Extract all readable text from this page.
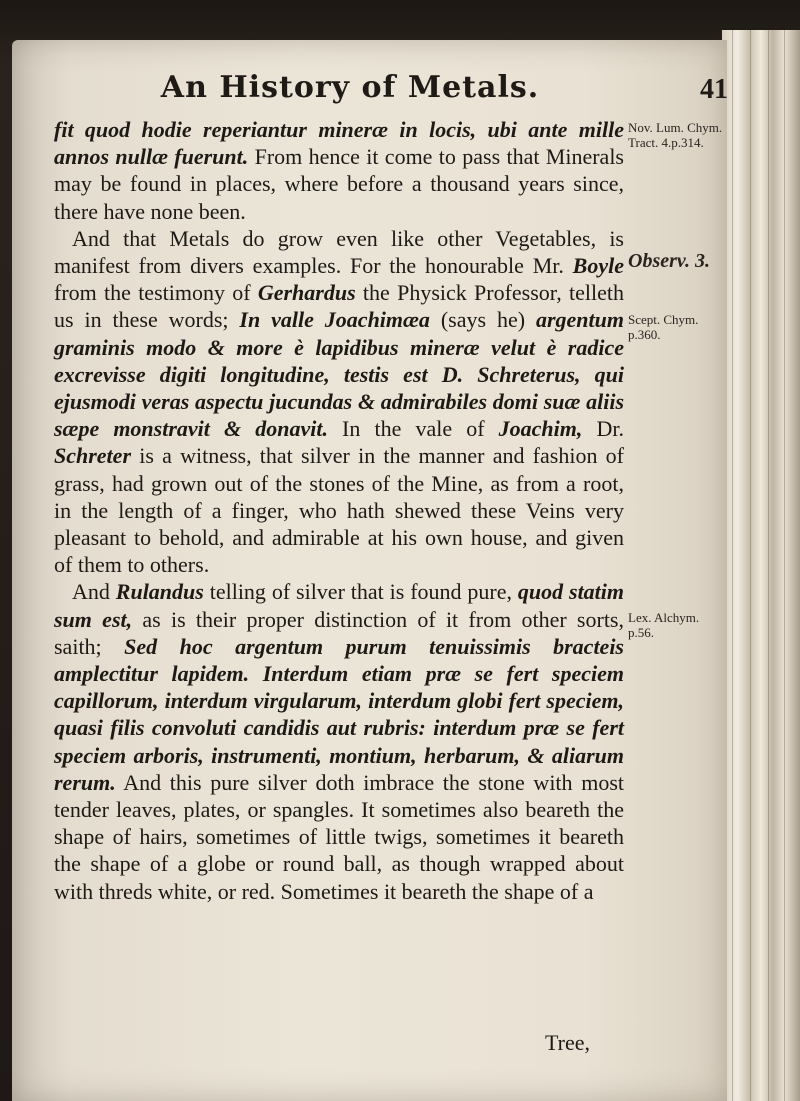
An History of Metals.	41
Nov. Lum. Chym. Tract. 4.p.314.
Observ. 3.
Scept. Chym. p.360.
Lex. Alchym. p.56.

fit quod hodie reperiantur mineræ in locis, ubi ante mille annos nullæ fuerunt. From hence it come to pass that Minerals may be found in places, where before a thousand years since, there have none been.

And that Metals do grow even like other Vegetables, is manifest from divers examples. For the honourable Mr. Boyle from the testimony of Gerhardus the Physick Professor, telleth us in these words; In valle Joachimæa (says he) argentum graminis modo & more è lapidibus mineræ velut è radice excrevisse digiti longitudine, testis est D. Schreterus, qui ejusmodi veras aspectu jucundas & admirabiles domi suæ aliis sæpe monstravit & donavit. In the vale of Joachim, Dr. Schreter is a witness, that silver in the manner and fashion of grass, had grown out of the stones of the Mine, as from a root, in the length of a finger, who hath shewed these Veins very pleasant to behold, and admirable at his own house, and given of them to others.

And Rulandus telling of silver that is found pure, quod statim sum est, as is their proper distinction of it from other sorts, saith; Sed hoc argentum purum tenuissimis bracteis amplectitur lapidem. Interdum etiam præ se fert speciem capillorum, interdum virgularum, interdum globi fert speciem, quasi filis convoluti candidis aut rubris: interdum præ se fert speciem arboris, instrumenti, montium, herbarum, & aliarum rerum. And this pure silver doth imbrace the stone with most tender leaves, plates, or spangles. It sometimes also beareth the shape of hairs, sometimes of little twigs, sometimes it beareth the shape of a globe or round ball, as though wrapped about with threds white, or red. Sometimes it beareth the shape of a

Tree,
